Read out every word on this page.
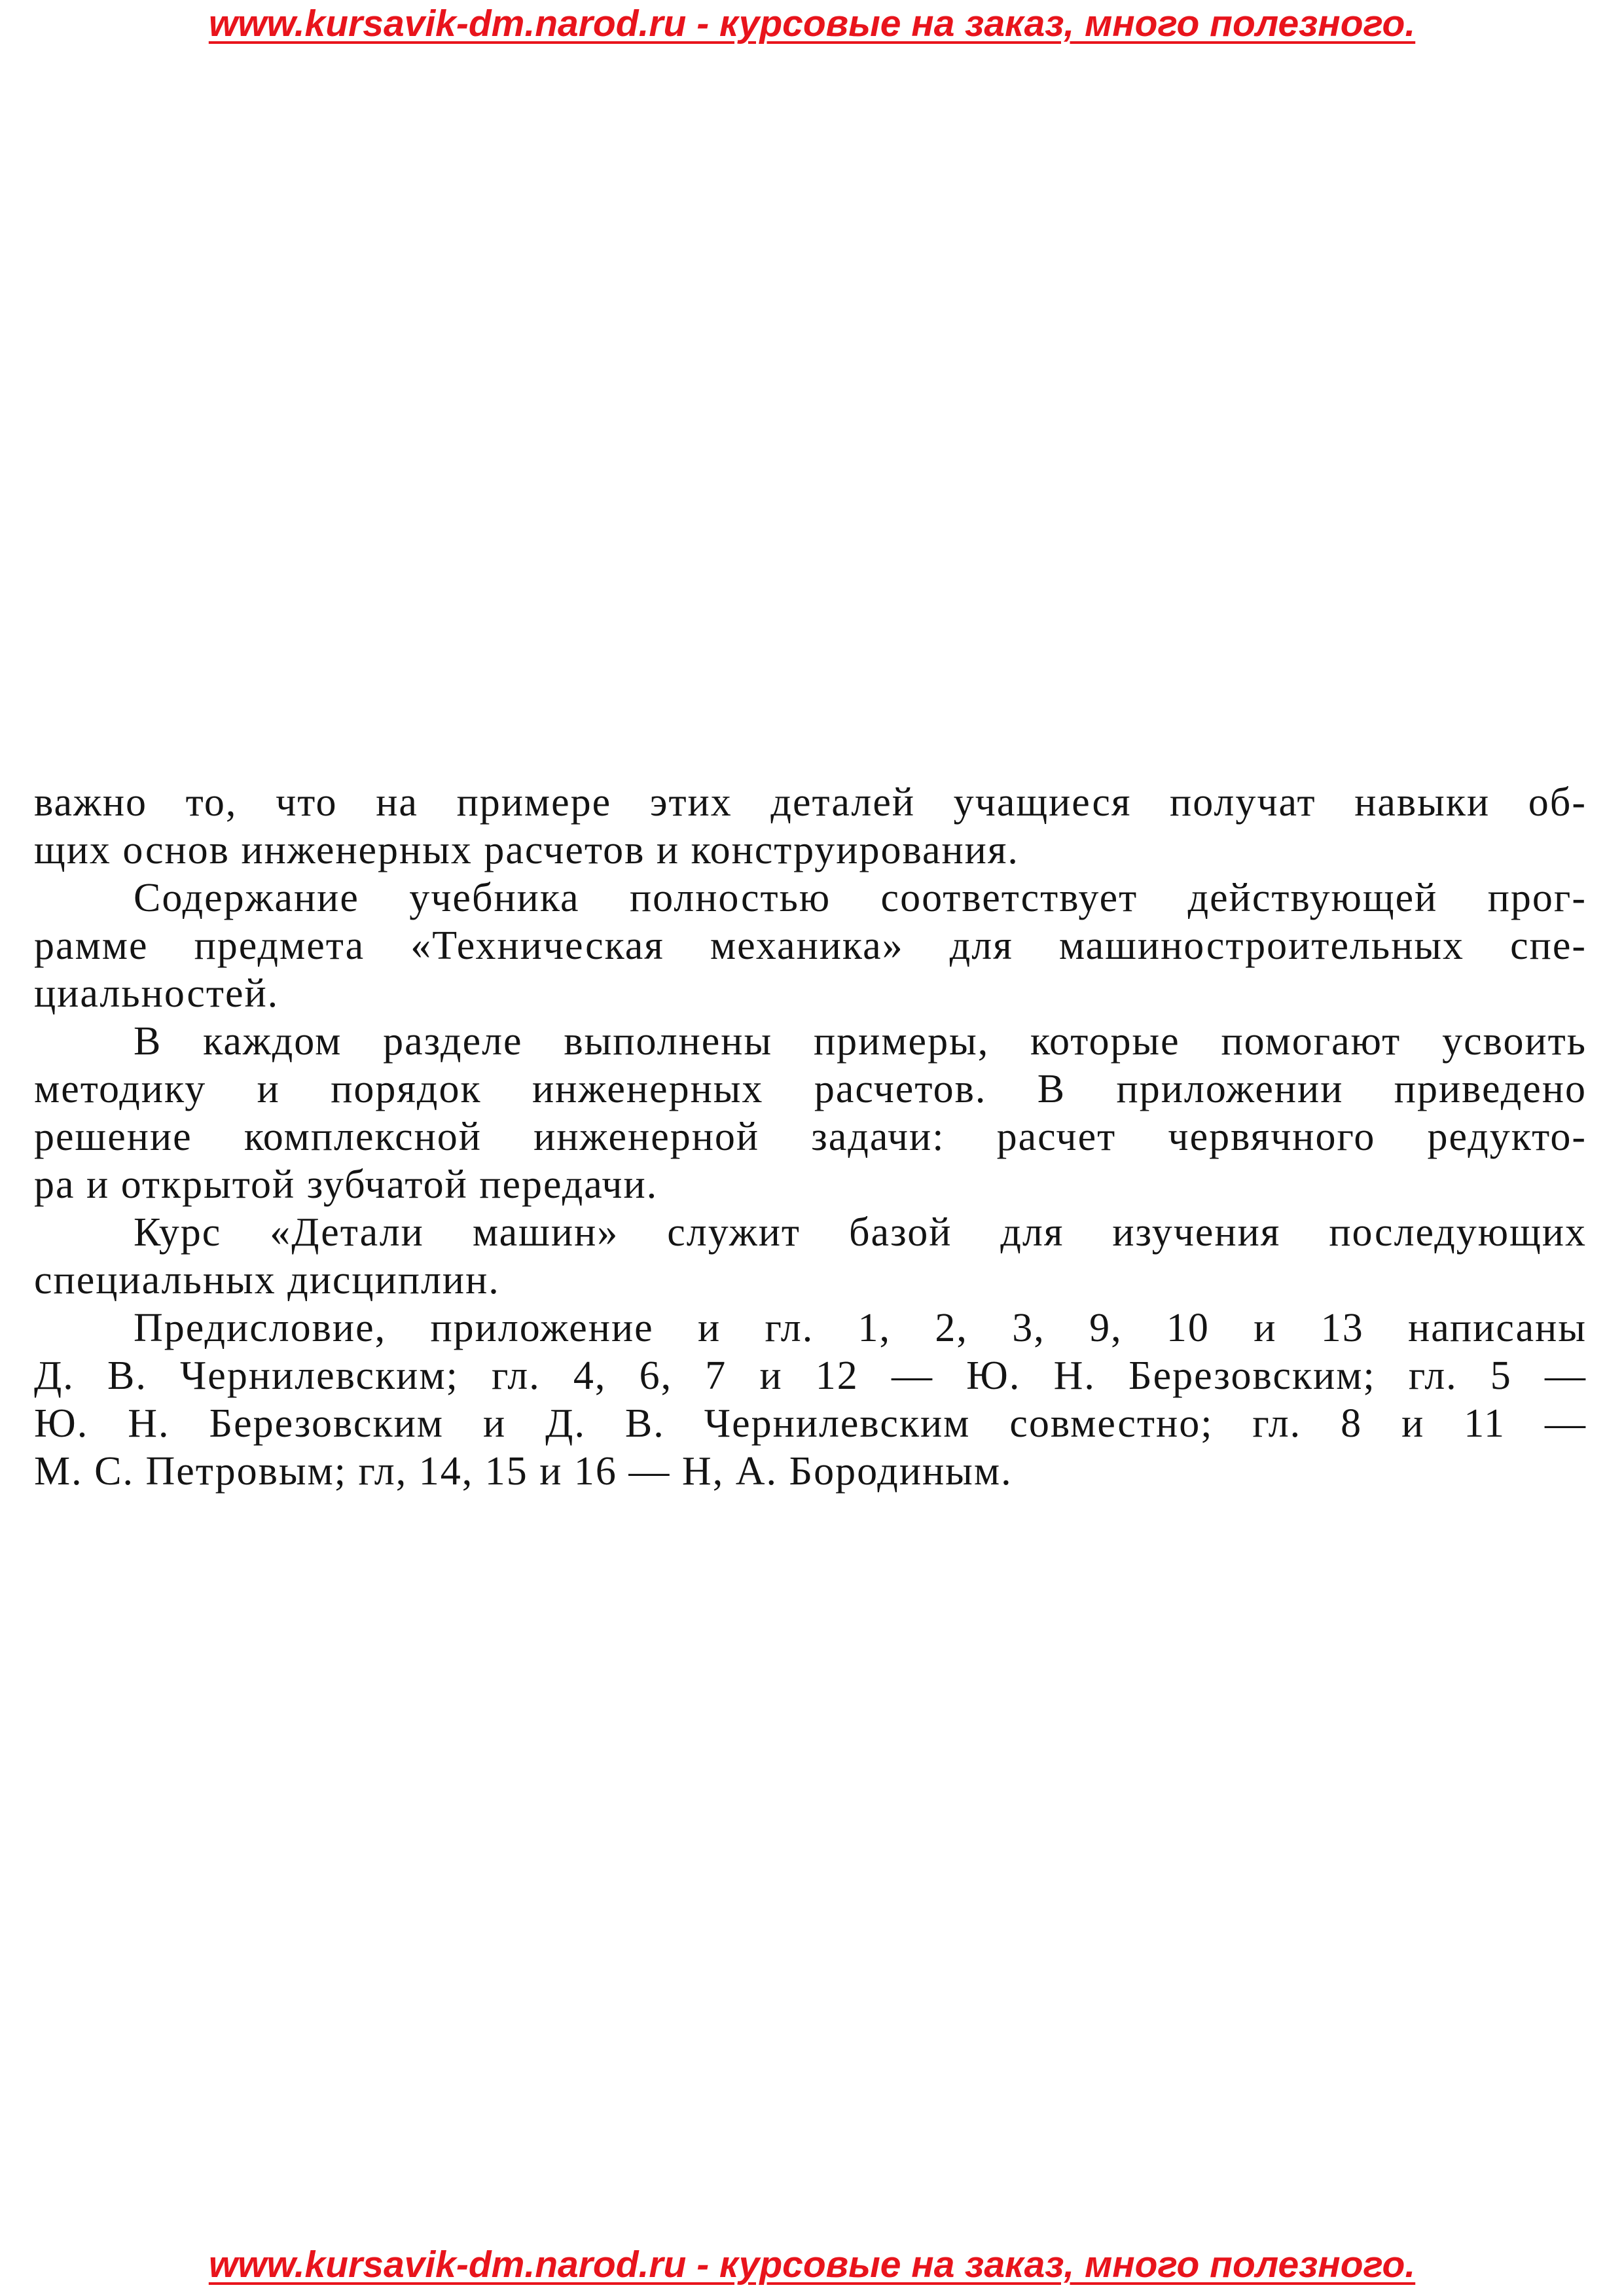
www.kursavik-dm.narod.ru - курсовые на заказ, много полезного.

важно то, что на примере этих деталей учащиеся получат навыки об-
щих основ инженерных расчетов и конструирования.

Содержание учебника полностью соответствует действующей прог-
рамме предмета «Техническая механика» для машиностроительных спе-
циальностей.

В каждом разделе выполнены примеры, которые помогают усвоить
методику и порядок инженерных расчетов. В приложении приведено
решение комплексной инженерной задачи: расчет червячного редукто-
ра и открытой зубчатой передачи.

Курс «Детали машин» служит базой для изучения последующих
специальных дисциплин.

Предисловие, приложение и гл. 1, 2, 3, 9, 10 и 13 написаны
Д. В. Чернилевским; гл. 4, 6, 7 и 12 — Ю. Н. Березовским; гл. 5 —
Ю. Н. Березовским и Д. В. Чернилевским совместно; гл. 8 и 11 —
М. С. Петровым; гл, 14, 15 и 16 — Н, А. Бородиным.

www.kursavik-dm.narod.ru - курсовые на заказ, много полезного.
